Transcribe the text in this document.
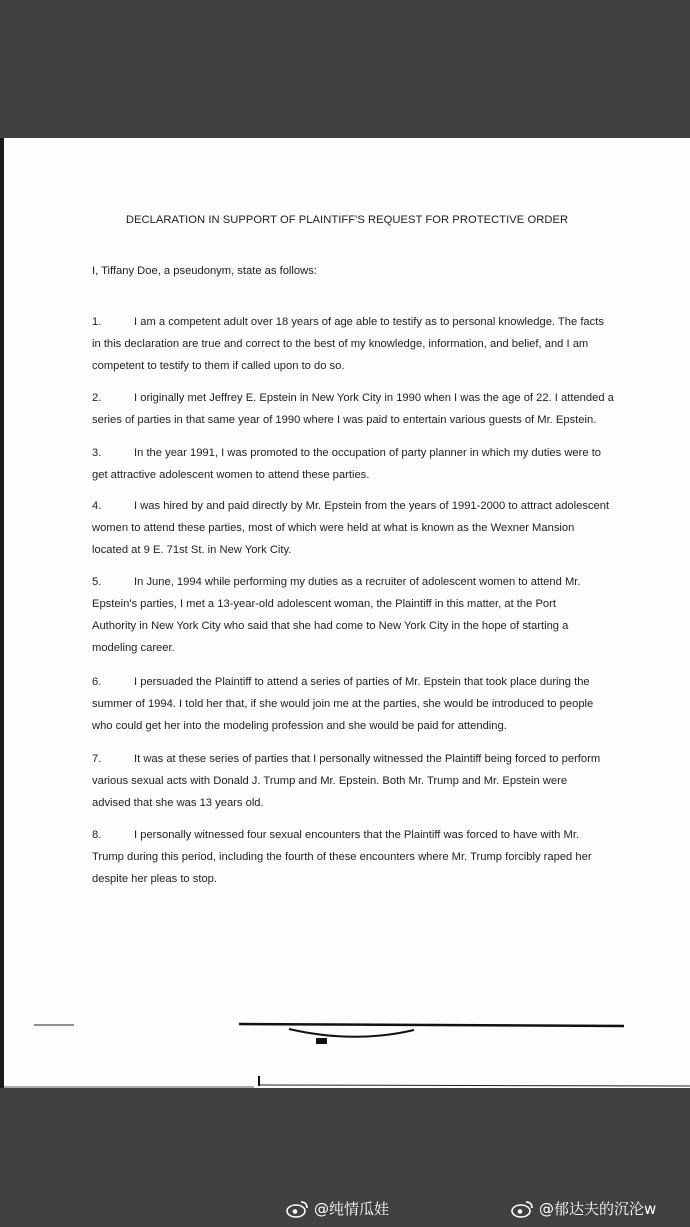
DECLARATION IN SUPPORT OF PLAINTIFF'S REQUEST FOR PROTECTIVE ORDER
I, Tiffany Doe, a pseudonym, state as follows:
1.	I am a competent adult over 18 years of age able to testify as to personal knowledge. The facts
in this declaration are true and correct to the best of my knowledge, information, and belief, and I am
competent to testify to them if called upon to do so.
2.	I originally met Jeffrey E. Epstein in New York City in 1990 when I was the age of 22. I attended a
series of parties in that same year of 1990 where I was paid to entertain various guests of Mr. Epstein.
3.	In the year 1991, I was promoted to the occupation of party planner in which my duties were to
get attractive adolescent women to attend these parties.
4.	I was hired by and paid directly by Mr. Epstein from the years of 1991-2000 to attract adolescent
women to attend these parties, most of which were held at what is known as the Wexner Mansion
located at 9 E. 71st St. in New York City.
5.	In June, 1994 while performing my duties as a recruiter of adolescent women to attend Mr.
Epstein's parties, I met a 13-year-old adolescent woman, the Plaintiff in this matter, at the Port
Authority in New York City who said that she had come to New York City in the hope of starting a
modeling career.
6.	I persuaded the Plaintiff to attend a series of parties of Mr. Epstein that took place during the
summer of 1994. I told her that, if she would join me at the parties, she would be introduced to people
who could get her into the modeling profession and she would be paid for attending.
7.	It was at these series of parties that I personally witnessed the Plaintiff being forced to perform
various sexual acts with Donald J. Trump and Mr. Epstein. Both Mr. Trump and Mr. Epstein were
advised that she was 13 years old.
8.	I personally witnessed four sexual encounters that the Plaintiff was forced to have with Mr.
Trump during this period, including the fourth of these encounters where Mr. Trump forcibly raped her
despite her pleas to stop.
@纯情瓜娃	@郁达夫的沉沦w
